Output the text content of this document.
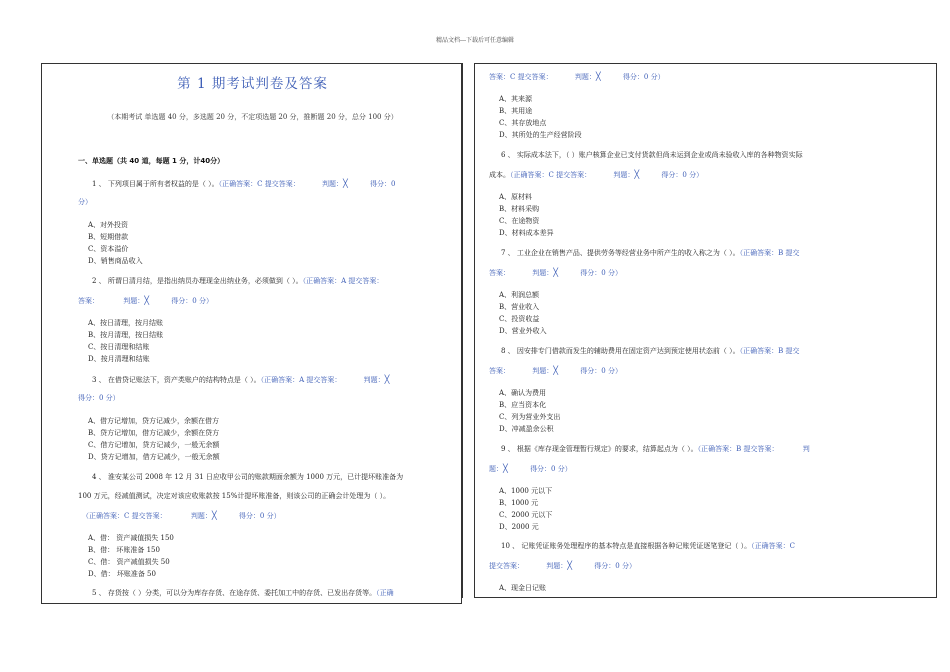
精品文档---下载后可任意编辑
第 1 期考试判卷及答案
（本期考试 单选题 40 分，多选题 20 分，不定项选题 20 分，推断题 20 分，总分 100 分）
一、单选题（共 40 道，每题 1 分，计40分）
1 、 下列项目属于所有者权益的是（ ）。（正确答案：C 提交答案：	判题：╳	得分：0
分）
A、对外投资
B、短期借款
C、资本溢价
D、销售商品收入
2 、 所谓日清月结，是指出纳员办理现金出纳业务，必须做到（ ）。（正确答案：A 提交答案：
答案：	判题：╳	得分：0 分）
A、按日清理，按月结账
B、按月清理，按日结账
C、按日清理和结账
D、按月清理和结账
3 、 在借贷记账法下，资产类账户的结构特点是（ ）。（正确答案：A 提交答案：	判题：╳
得分：0 分）
A、借方记增加，贷方记减少，余额在借方
B、贷方记增加，借方记减少，余额在贷方
C、借方记增加，贷方记减少，一般无余额
D、贷方记增加，借方记减少，一般无余额
4 、 淮安某公司 2008 年 12 月 31 日应收甲公司的账款期面余额为 1000 万元，已计提坏账准备为
100 万元，经减值测试，决定对该应收账款按 15%计提坏账准备，则该公司的正确会计处理为（ ）。
（正确答案：C 提交答案：	判题：╳	得分：0 分）
A、借： 资产减值损失 150
B、借： 坏账准备 150
C、借： 资产减值损失 50
D、借： 坏账准备 50
5 、 存货按（ ）分类，可以分为库存存货、在途存货、委托加工中的存货、已发出存货等。（正确
答案：C 提交答案：	判题：╳	得分：0 分）
A、其来源
B、其用途
C、其存放地点
D、其所处的生产经营阶段
6 、 实际成本法下，（ ）账户核算企业已支付货款但尚未运到企业或尚未验收入库的各种物资实际
成本。（正确答案：C 提交答案：	判题：╳	得分：0 分）
A、原材料
B、材料采购
C、在途物资
D、材料成本差异
7 、 工业企业在销售产品、提供劳务等经营业务中所产生的收入称之为（ ）。（正确答案：B 提交
答案：	判题：╳	得分：0 分）
A、利润总额
B、营业收入
C、投资收益
D、营业外收入
8 、 因安排专门借款而发生的辅助费用在固定资产达到预定使用状态前（ ）。（正确答案：B 提交
答案：	判题：╳	得分：0 分）
A、确认为费用
B、应当资本化
C、列为营业外支出
D、冲减盈余公积
9 、 根据《库存现金管理暂行规定》的要求，结算起点为（ ）。（正确答案：B 提交答案：	判
题：╳	得分：0 分）
A、1000 元以下
B、1000 元
C、2000 元以下
D、2000 元
10 、 记账凭证账务处理程序的基本特点是直接根据各种记账凭证逐笔登记（ ）。（正确答案：C
提交答案：	判题：╳	得分：0 分）
A、现金日记账
